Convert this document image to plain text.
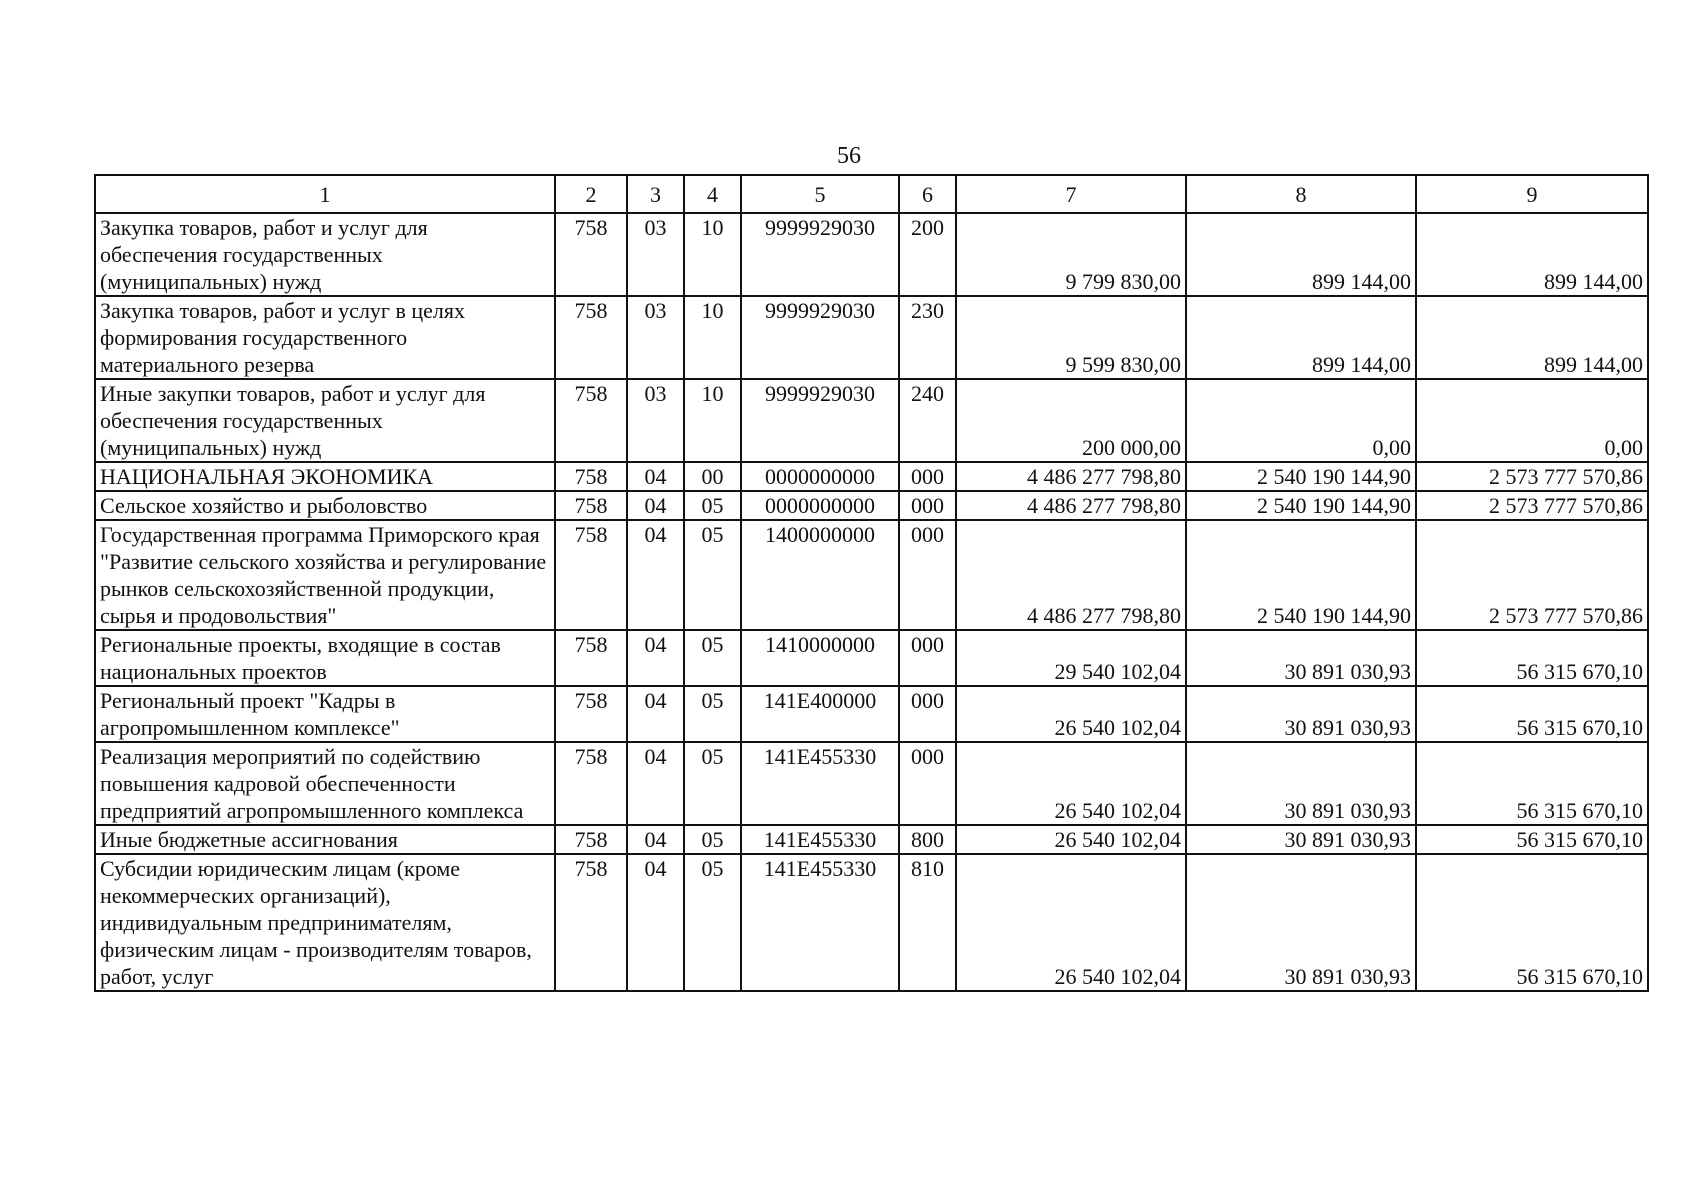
56
1	2	3	4	5	6	7	8	9
Закупка товаров, работ и услуг для обеспечения государственных (муниципальных) нужд	758	03	10	9999929030	200	9 799 830,00	899 144,00	899 144,00
Закупка товаров, работ и услуг в целях формирования государственного материального резерва	758	03	10	9999929030	230	9 599 830,00	899 144,00	899 144,00
Иные закупки товаров, работ и услуг для обеспечения государственных (муниципальных) нужд	758	03	10	9999929030	240	200 000,00	0,00	0,00
НАЦИОНАЛЬНАЯ ЭКОНОМИКА	758	04	00	0000000000	000	4 486 277 798,80	2 540 190 144,90	2 573 777 570,86
Сельское хозяйство и рыболовство	758	04	05	0000000000	000	4 486 277 798,80	2 540 190 144,90	2 573 777 570,86
Государственная программа Приморского края "Развитие сельского хозяйства и регулирование рынков сельскохозяйственной продукции, сырья и продовольствия"	758	04	05	1400000000	000	4 486 277 798,80	2 540 190 144,90	2 573 777 570,86
Региональные проекты, входящие в состав национальных проектов	758	04	05	1410000000	000	29 540 102,04	30 891 030,93	56 315 670,10
Региональный проект "Кадры в агропромышленном комплексе"	758	04	05	141E400000	000	26 540 102,04	30 891 030,93	56 315 670,10
Реализация мероприятий по содействию повышения кадровой обеспеченности предприятий агропромышленного комплекса	758	04	05	141E455330	000	26 540 102,04	30 891 030,93	56 315 670,10
Иные бюджетные ассигнования	758	04	05	141E455330	800	26 540 102,04	30 891 030,93	56 315 670,10
Субсидии юридическим лицам (кроме некоммерческих организаций), индивидуальным предпринимателям, физическим лицам - производителям товаров, работ, услуг	758	04	05	141E455330	810	26 540 102,04	30 891 030,93	56 315 670,10
